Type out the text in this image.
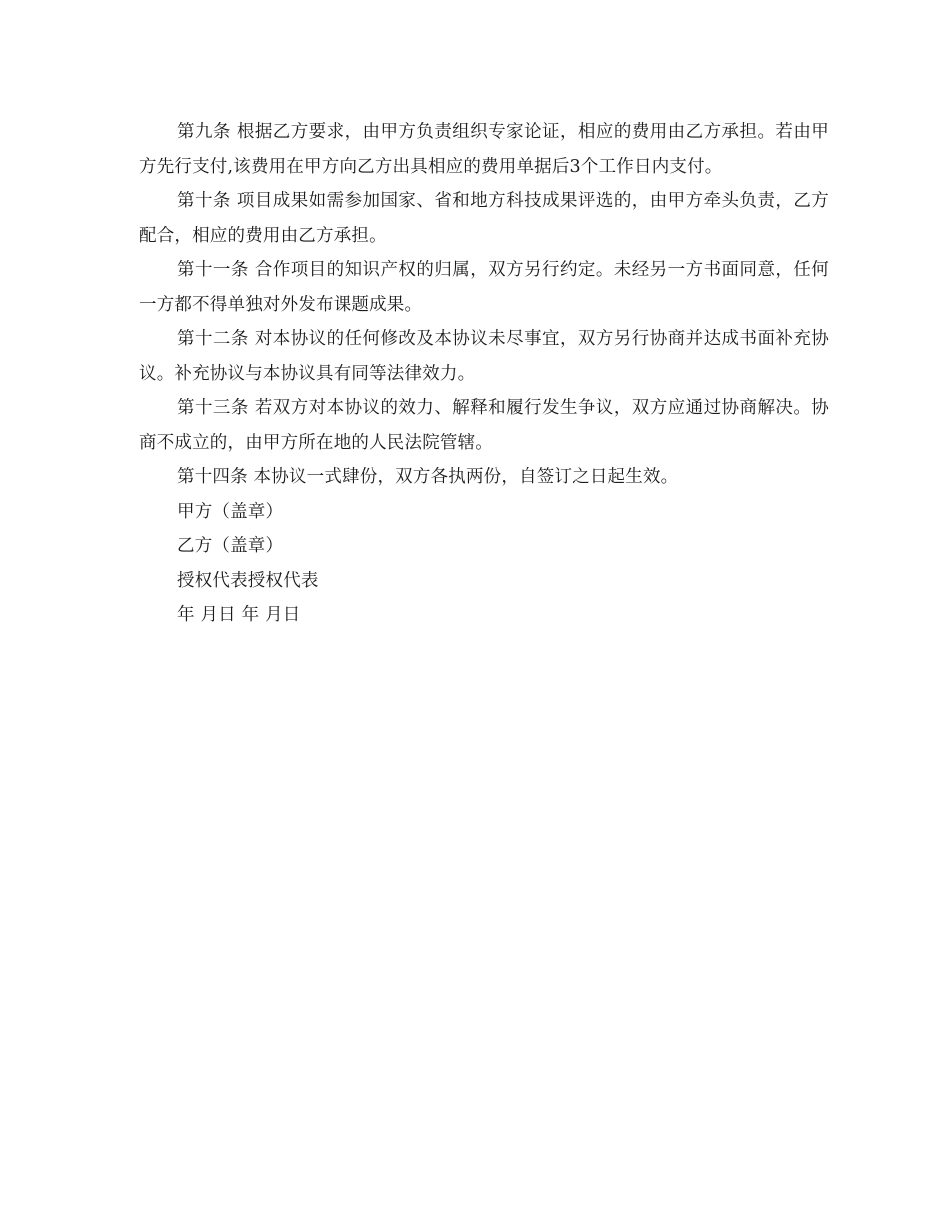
第九条 根据乙方要求，由甲方负责组织专家论证，相应的费用由乙方承担。若由甲方先行支付,该费用在甲方向乙方出具相应的费用单据后3个工作日内支付。

第十条 项目成果如需参加国家、省和地方科技成果评选的，由甲方牵头负责，乙方配合，相应的费用由乙方承担。

第十一条 合作项目的知识产权的归属，双方另行约定。未经另一方书面同意，任何一方都不得单独对外发布课题成果。

第十二条 对本协议的任何修改及本协议未尽事宜，双方另行协商并达成书面补充协议。补充协议与本协议具有同等法律效力。

第十三条 若双方对本协议的效力、解释和履行发生争议，双方应通过协商解决。协商不成立的，由甲方所在地的人民法院管辖。

第十四条 本协议一式肆份，双方各执两份，自签订之日起生效。

甲方（盖章）

乙方（盖章）

授权代表授权代表

年 月日 年 月日
